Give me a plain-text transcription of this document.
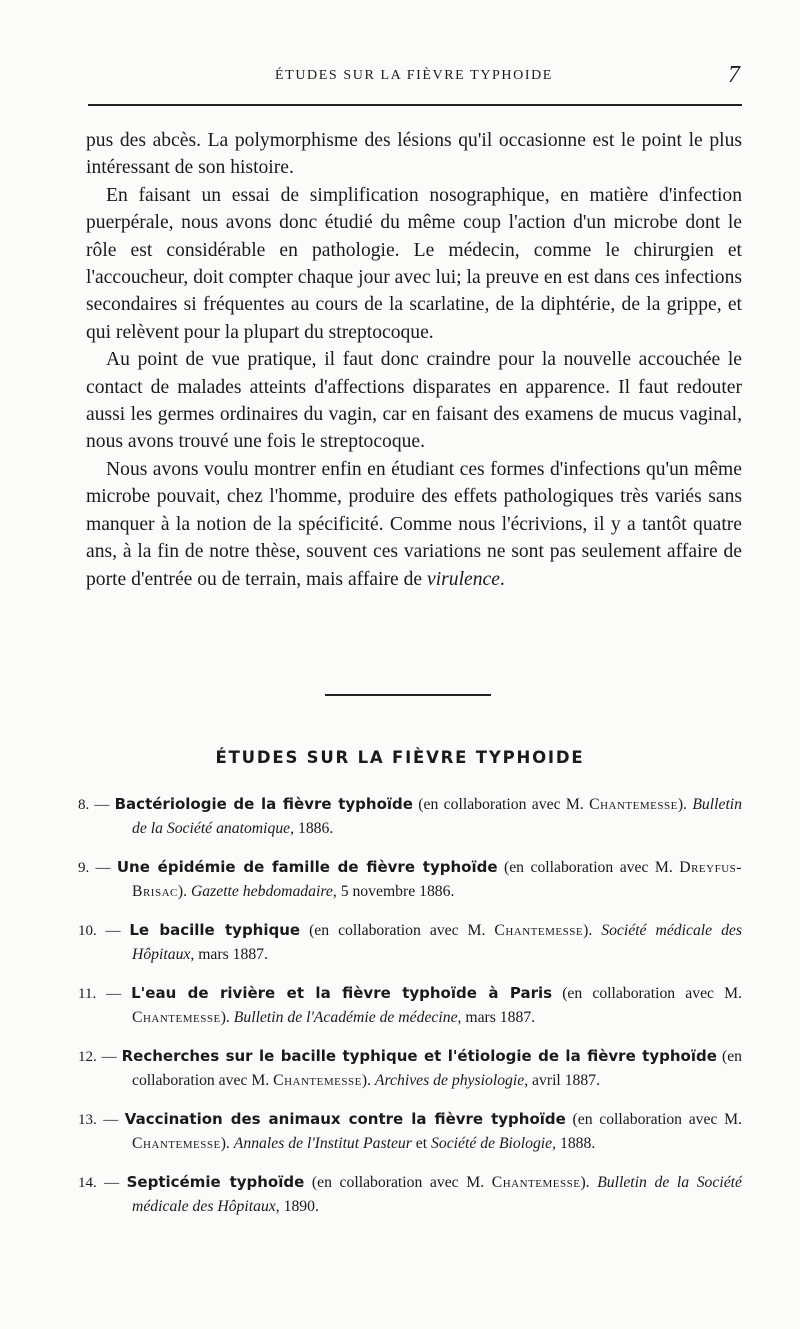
ÉTUDES SUR LA FIÈVRE TYPHOIDE	7

pus des abcès. La polymorphisme des lésions qu'il occasionne est le point le plus intéressant de son histoire.

En faisant un essai de simplification nosographique, en matière d'infection puerpérale, nous avons donc étudié du même coup l'action d'un microbe dont le rôle est considérable en pathologie. Le médecin, comme le chirurgien et l'accoucheur, doit compter chaque jour avec lui; la preuve en est dans ces infections secondaires si fréquentes au cours de la scarlatine, de la diphtérie, de la grippe, et qui relèvent pour la plupart du streptocoque.

Au point de vue pratique, il faut donc craindre pour la nouvelle accouchée le contact de malades atteints d'affections disparates en apparence. Il faut redouter aussi les germes ordinaires du vagin, car en faisant des examens de mucus vaginal, nous avons trouvé une fois le streptocoque.

Nous avons voulu montrer enfin en étudiant ces formes d'infections qu'un même microbe pouvait, chez l'homme, produire des effets pathologiques très variés sans manquer à la notion de la spécificité. Comme nous l'écrivions, il y a tantôt quatre ans, à la fin de notre thèse, souvent ces variations ne sont pas seulement affaire de porte d'entrée ou de terrain, mais affaire de virulence.

ÉTUDES SUR LA FIÈVRE TYPHOIDE
8. — Bactériologie de la fièvre typhoïde (en collaboration avec M. Chantemesse). Bulletin de la Société anatomique, 1886.
9. — Une épidémie de famille de fièvre typhoïde (en collaboration avec M. Dreyfus-Brisac). Gazette hebdomadaire, 5 novembre 1886.
10. — Le bacille typhique (en collaboration avec M. Chantemesse). Société médicale des Hôpitaux, mars 1887.
11. — L'eau de rivière et la fièvre typhoïde à Paris (en collaboration avec M. Chantemesse). Bulletin de l'Académie de médecine, mars 1887.
12. — Recherches sur le bacille typhique et l'étiologie de la fièvre typhoïde (en collaboration avec M. Chantemesse). Archives de physiologie, avril 1887.
13. — Vaccination des animaux contre la fièvre typhoïde (en collaboration avec M. Chantemesse). Annales de l'Institut Pasteur et Société de Biologie, 1888.
14. — Septicémie typhoïde (en collaboration avec M. Chantemesse). Bulletin de la Société médicale des Hôpitaux, 1890.
